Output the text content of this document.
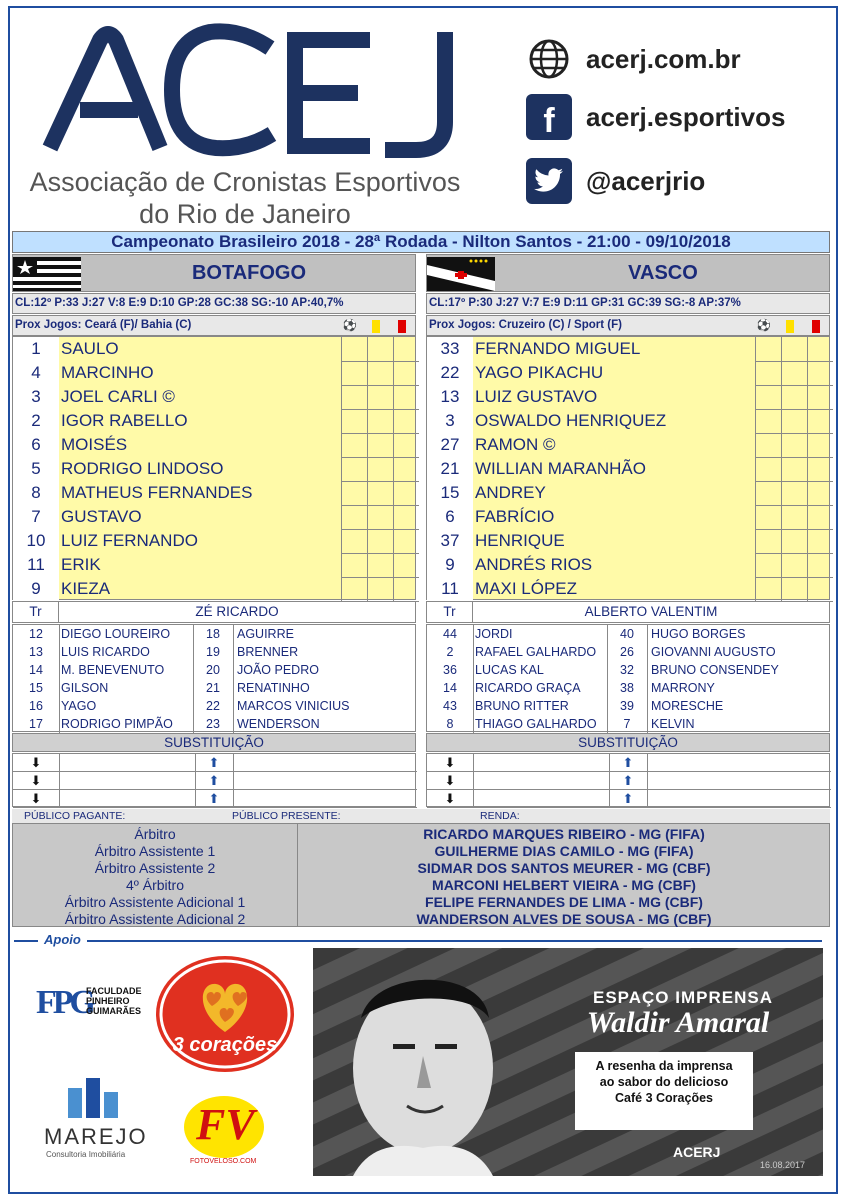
Associação de Cronistas Esportivos
do Rio de Janeiro
acerj.com.br
f acerj.esportivos
@acerjrio
Campeonato Brasileiro 2018 - 28ª Rodada - Nilton Santos - 21:00 - 09/10/2018
BOTAFOGO
CL:12º P:33 J:27 V:8 E:9 D:10 GP:28 GC:38 SG:-10 AP:40,7%
Prox Jogos: Ceará (F)/ Bahia (C)	⚽
1	SAULO
4	MARCINHO
3	JOEL CARLI ©
2	IGOR RABELLO
6	MOISÉS
5	RODRIGO LINDOSO
8	MATHEUS FERNANDES
7	GUSTAVO
10 LUIZ FERNANDO
11 ERIK
9	KIEZA
Tr	ZÉ RICARDO
12	DIEGO LOUREIRO	18	AGUIRRE
13	LUIS RICARDO	19	BRENNER
14	M. BENEVENUTO	20	JOÃO PEDRO
15	GILSON	21	RENATINHO
16	YAGO	22	MARCOS VINICIUS
17	RODRIGO PIMPÃO	23	WENDERSON
SUBSTITUIÇÃO
⬇	⬆
⬇	⬆
⬇	⬆
VASCO
CL:17º P:30 J:27 V:7 E:9 D:11 GP:31 GC:39 SG:-8 AP:37%
Prox Jogos: Cruzeiro (C) / Sport (F)	⚽
33 FERNANDO MIGUEL
22 YAGO PIKACHU
13 LUIZ GUSTAVO
3	OSWALDO HENRIQUEZ
27 RAMON ©
21 WILLIAN MARANHÃO
15 ANDREY
6	FABRÍCIO
37 HENRIQUE
9	ANDRÉS RIOS
11 MAXI LÓPEZ
Tr	ALBERTO VALENTIM
44	JORDI	40	HUGO BORGES
2	RAFAEL GALHARDO	26	GIOVANNI AUGUSTO
36	LUCAS KAL	32	BRUNO CONSENDEY
14	RICARDO GRAÇA	38	MARRONY
43	BRUNO RITTER	39	MORESCHE
8	THIAGO GALHARDO	7	KELVIN
SUBSTITUIÇÃO
⬇	⬆
⬇	⬆
⬇	⬆
PÚBLICO PAGANTE:	PÚBLICO PRESENTE:	RENDA:
Árbitro	RICARDO MARQUES RIBEIRO - MG (FIFA)
Árbitro Assistente 1	GUILHERME DIAS CAMILO - MG (FIFA)
Árbitro Assistente 2	SIDMAR DOS SANTOS MEURER - MG (CBF)
4º Árbitro	MARCONI HELBERT VIEIRA - MG (CBF)
Árbitro Assistente Adicional 1	FELIPE FERNANDES DE LIMA - MG (CBF)
Árbitro Assistente Adicional 2	WANDERSON ALVES DE SOUSA - MG (CBF)
Apoio
FPG
FACULDADE
PINHEIRO
GUIMARÃES
3 corações
MAREJO
Consultoria Imobiliária
FV
FOTOVELOSO.COM
ESPAÇO IMPRENSA
Waldir Amaral
A resenha da imprensa
ao sabor do delicioso
Café 3 Corações
ACERJ
16.08.2017
